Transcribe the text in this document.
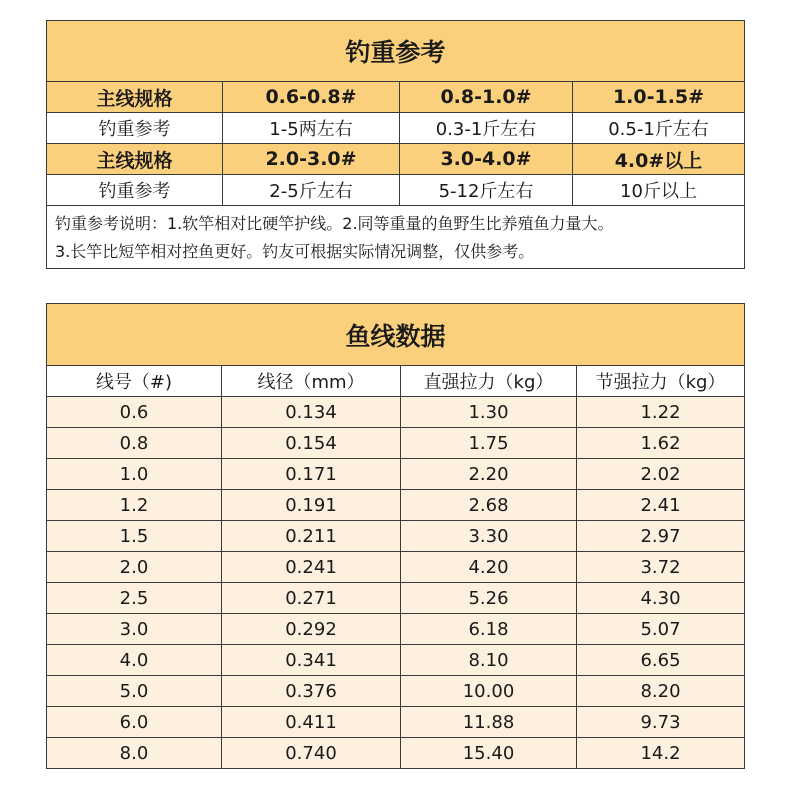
钓重参考			
主线规格	0.6-0.8#	0.8-1.0#	1.0-1.5#
钓重参考	1-5两左右	0.3-1斤左右	0.5-1斤左右
主线规格	2.0-3.0#	3.0-4.0#	4.0#以上
钓重参考	2-5斤左右	5-12斤左右	10斤以上

钓重参考说明：1.软竿相对比硬竿护线。2.同等重量的鱼野生比养殖鱼力量大。
3.长竿比短竿相对控鱼更好。钓友可根据实际情况调整，仅供参考。			
鱼线数据			
线号（#)	线径（mm）	直强拉力（kg）	节强拉力（kg）
0.6	0.134	1.30	1.22
0.8	0.154	1.75	1.62
1.0	0.171	2.20	2.02
1.2	0.191	2.68	2.41
1.5	0.211	3.30	2.97
2.0	0.241	4.20	3.72
2.5	0.271	5.26	4.30
3.0	0.292	6.18	5.07
4.0	0.341	8.10	6.65
5.0	0.376	10.00	8.20
6.0	0.411	11.88	9.73
8.0	0.740	15.40	14.2
